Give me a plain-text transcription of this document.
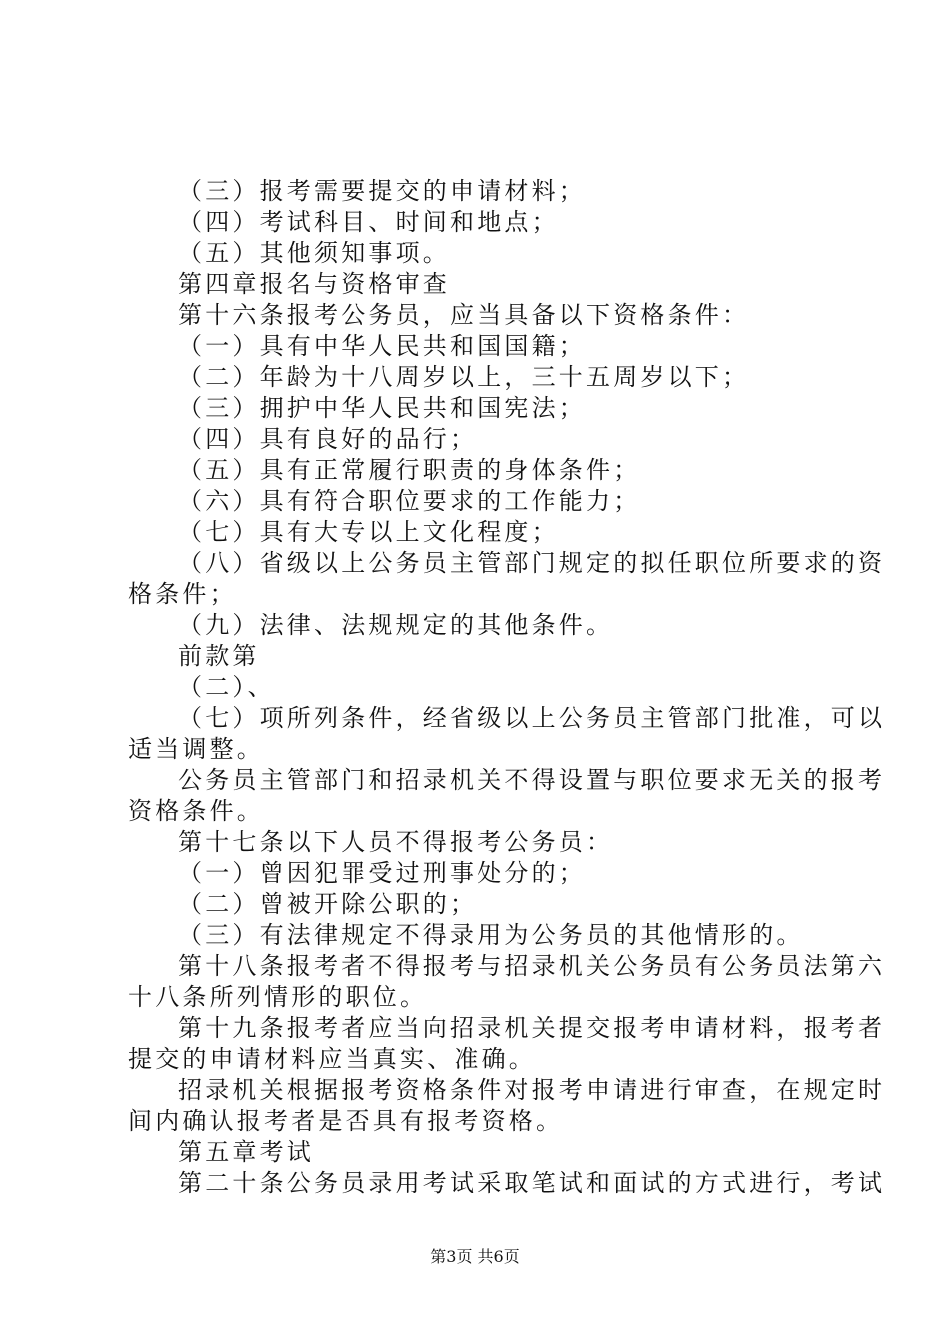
（三）报考需要提交的申请材料；
（四）考试科目、时间和地点；
（五）其他须知事项。
第四章报名与资格审查
第十六条报考公务员，应当具备以下资格条件：
（一）具有中华人民共和国国籍；
（二）年龄为十八周岁以上，三十五周岁以下；
（三）拥护中华人民共和国宪法；
（四）具有良好的品行；
（五）具有正常履行职责的身体条件；
（六）具有符合职位要求的工作能力；
（七）具有大专以上文化程度；
（八）省级以上公务员主管部门规定的拟任职位所要求的资
格条件；
（九）法律、法规规定的其他条件。
前款第
（二）、
（七）项所列条件，经省级以上公务员主管部门批准，可以
适当调整。
公务员主管部门和招录机关不得设置与职位要求无关的报考
资格条件。
第十七条以下人员不得报考公务员：
（一）曾因犯罪受过刑事处分的；
（二）曾被开除公职的；
（三）有法律规定不得录用为公务员的其他情形的。
第十八条报考者不得报考与招录机关公务员有公务员法第六
十八条所列情形的职位。
第十九条报考者应当向招录机关提交报考申请材料，报考者
提交的申请材料应当真实、准确。
招录机关根据报考资格条件对报考申请进行审查，在规定时
间内确认报考者是否具有报考资格。
第五章考试
第二十条公务员录用考试采取笔试和面试的方式进行，考试
第3页 共6页
